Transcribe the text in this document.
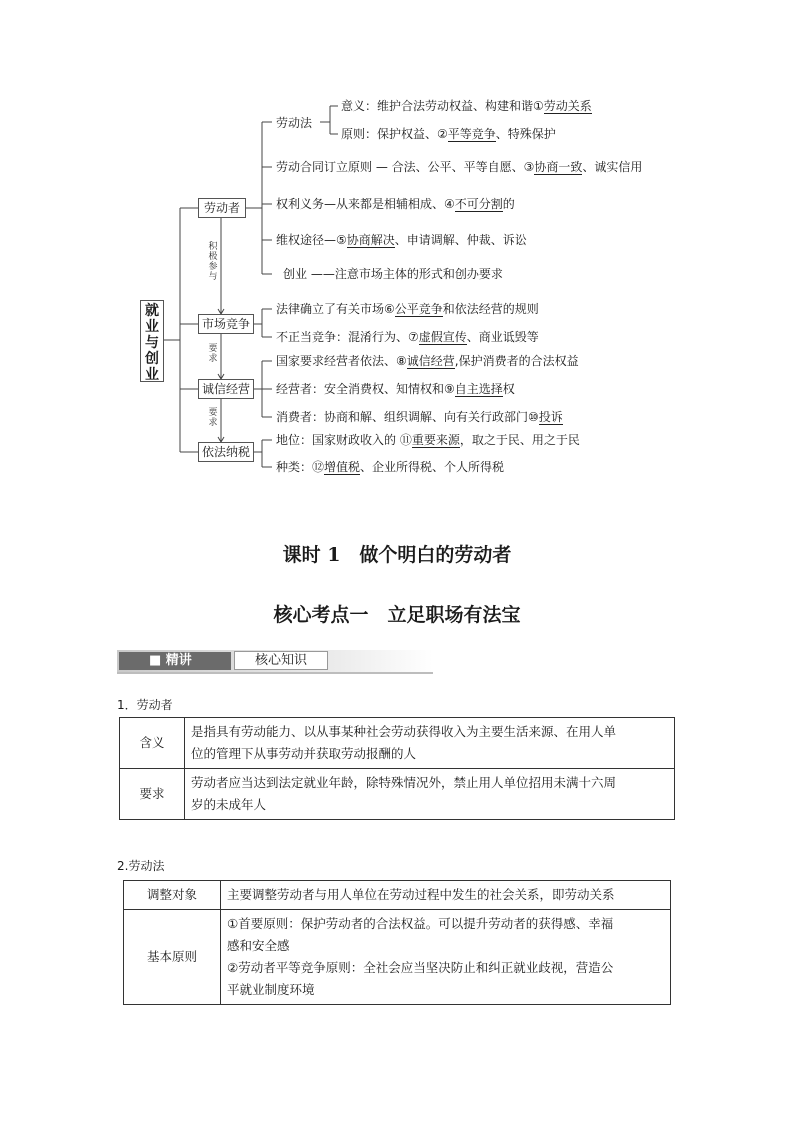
就业与创业
劳动者
市场竞争
诚信经营
依法纳税
积极参与
要求
要求
劳动法
意义：维护合法劳动权益、构建和谐①劳动关系
原则：保护权益、②平等竞争、特殊保护
劳动合同订立原则 — 合法、公平、平等自愿、③协商一致、诚实信用
权利义务—从来都是相辅相成、④不可分割的
维权途径—⑤协商解决、申请调解、仲裁、诉讼
创业 ——注意市场主体的形式和创办要求
法律确立了有关市场⑥公平竞争和依法经营的规则
不正当竞争：混淆行为、⑦虚假宣传、商业诋毁等
国家要求经营者依法、⑧诚信经营,保护消费者的合法权益
经营者：安全消费权、知情权和⑨自主选择权
消费者：协商和解、组织调解、向有关行政部门⑩投诉
地位：国家财政收入的 ⑪重要来源，取之于民、用之于民
种类：⑫增值税、企业所得税、个人所得税
课时 1　做个明白的劳动者
核心考点一　立足职场有法宝
■ 精讲	核心知识
1．劳动者
含义	是指具有劳动能力、以从事某种社会劳动获得收入为主要生活来源、在用人单
位的管理下从事劳动并获取劳动报酬的人

要求	劳动者应当达到法定就业年龄，除特殊情况外，禁止用人单位招用未满十六周
岁的未成年人
2.劳动法
调整对象	主要调整劳动者与用人单位在劳动过程中发生的社会关系，即劳动关系
基本原则	①首要原则：保护劳动者的合法权益。可以提升劳动者的获得感、幸福
感和安全感
②劳动者平等竞争原则：全社会应当坚决防止和纠正就业歧视，营造公
平就业制度环境
